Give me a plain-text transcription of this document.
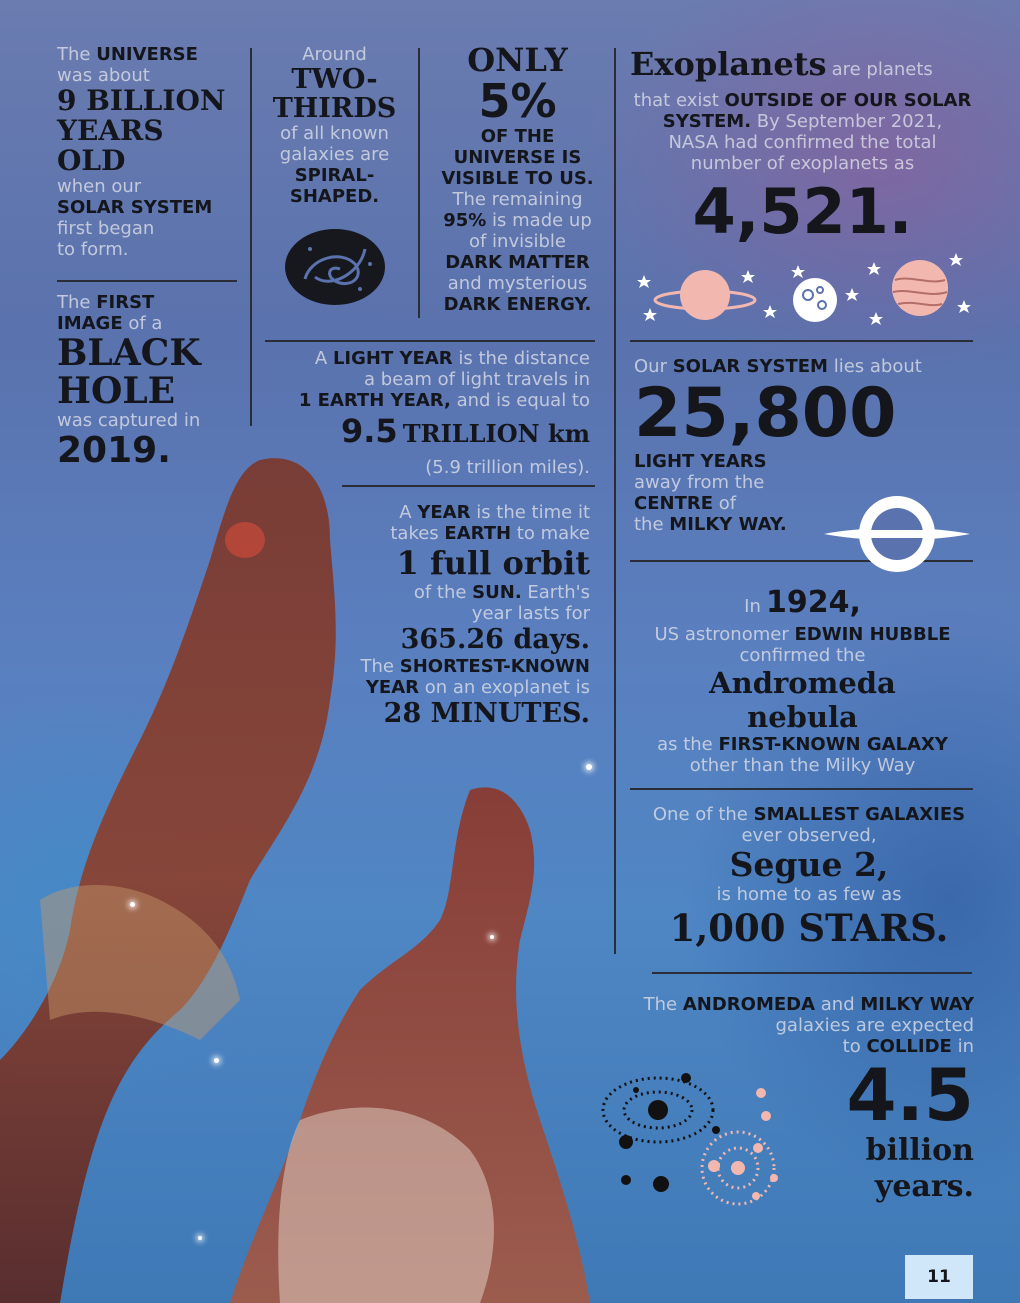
The UNIVERSE
was about
9 BILLION
YEARS
OLD
when our
SOLAR SYSTEM
first began
to form.
The FIRST
IMAGE of a
BLACK
HOLE
was captured in
2019.
Around
TWO-
THIRDS
of all known
galaxies are
SPIRAL-
SHAPED.
ONLY
5%
OF THE
UNIVERSE IS
VISIBLE TO US.
The remaining
95% is made up
of invisible
DARK MATTER
and mysterious
DARK ENERGY.
A LIGHT YEAR is the distance
a beam of light travels in
1 EARTH YEAR, and is equal to
9.5 TRILLION km
(5.9 trillion miles).
A YEAR is the time it
takes EARTH to make
1 full orbit
of the SUN. Earth's
year lasts for
365.26 days.
The SHORTEST-KNOWN
YEAR on an exoplanet is
28 MINUTES.
Exoplanets are planets
that exist OUTSIDE OF OUR SOLAR
SYSTEM. By September 2021,
NASA had confirmed the total
number of exoplanets as
4,521.
Our SOLAR SYSTEM lies about
25,800
LIGHT YEARS
away from the
CENTRE of
the MILKY WAY.
In 1924,
US astronomer EDWIN HUBBLE
confirmed the
Andromeda
nebula
as the FIRST-KNOWN GALAXY
other than the Milky Way
One of the SMALLEST GALAXIES
ever observed,
Segue 2,
is home to as few as
1,000 STARS.
The ANDROMEDA and MILKY WAY
galaxies are expected
to COLLIDE in
4.5
billion
years.
11
